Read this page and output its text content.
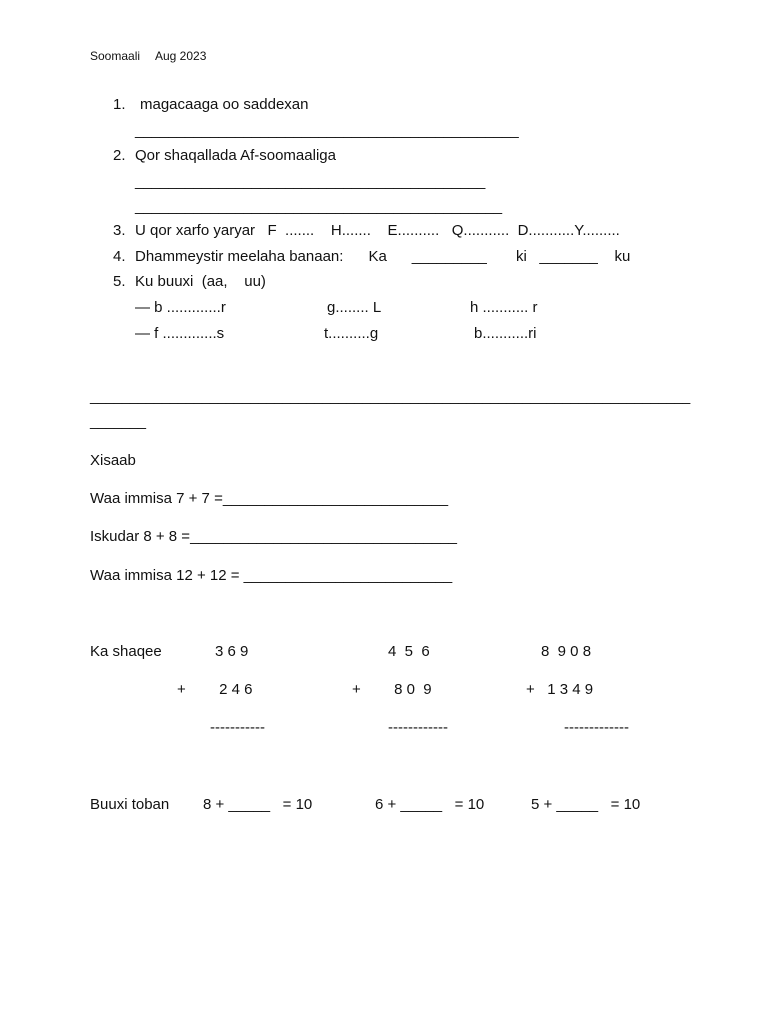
Soomaali Aug 2023
1. magacaaga oo saddexan
______________________________________________
2. Qor shaqallada Af-soomaaliga
__________________________________________
____________________________________________
3. U qor xarfo yaryar   F  .......    H.......    E..........   Q...........  D...........Y.........
4. Dhammeystir meelaha banaan:      Ka      _________       ki   _______    ku
5. Ku buuxi  (aa,    uu)
— b .............r	g........ L	h ........... r
— f .............s	t..........g	b...........ri
___________________________________________________________________________
_______
Xisaab
Waa immisa 7 + 7 =___________________________
Iskudar 8 + 8 =________________________________
Waa immisa 12 + 12 = _________________________
Ka shaqee	3 6 9	4  5  6	8  9 0 8
+        2 4 6	+        8 0  9	+   1 3 4 9
-----------	------------	-------------
Buuxi toban 8 + _____   = 10	6 + _____   = 10	5 + _____   = 10
